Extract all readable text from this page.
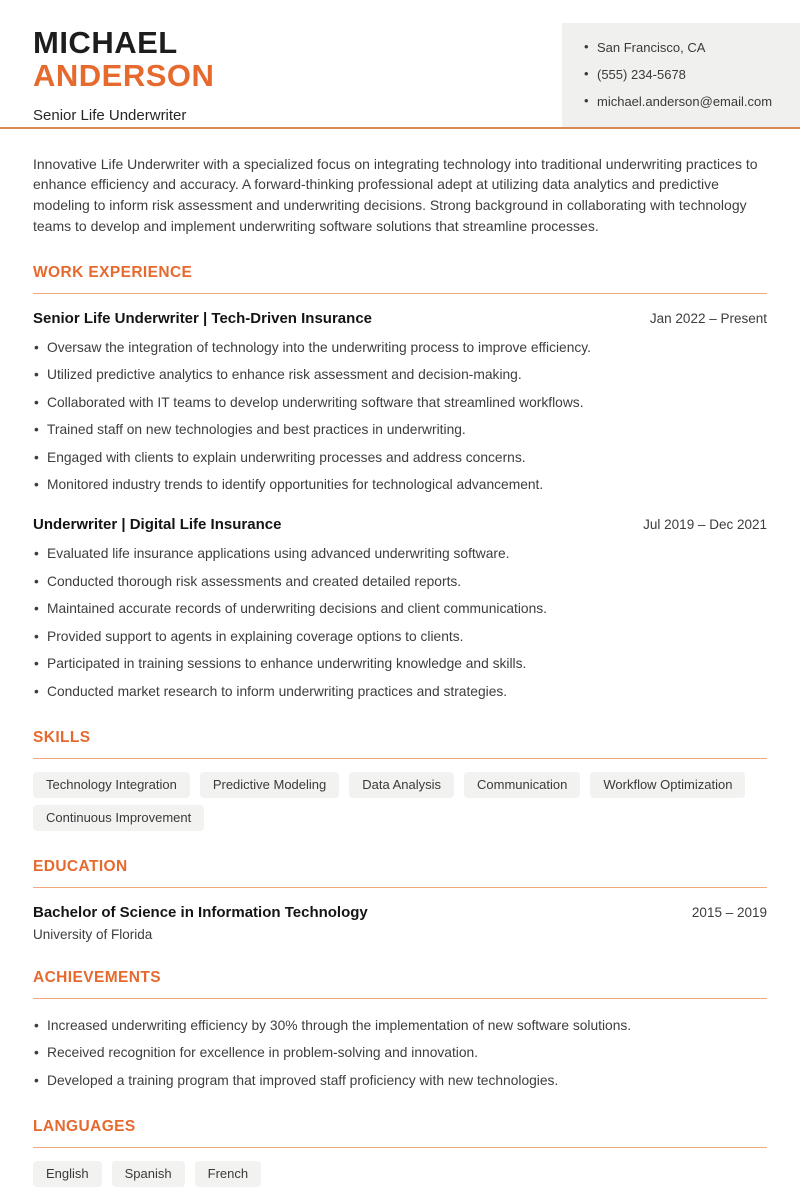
MICHAEL
ANDERSON
Senior Life Underwriter
• San Francisco, CA
• (555) 234-5678
• michael.anderson@email.com

Innovative Life Underwriter with a specialized focus on integrating technology into traditional underwriting practices to enhance efficiency and accuracy. A forward-thinking professional adept at utilizing data analytics and predictive modeling to inform risk assessment and underwriting decisions. Strong background in collaborating with technology teams to develop and implement underwriting software solutions that streamline processes.

WORK EXPERIENCE
Senior Life Underwriter | Tech-Driven Insurance	Jan 2022 – Present
• Oversaw the integration of technology into the underwriting process to improve efficiency.
• Utilized predictive analytics to enhance risk assessment and decision-making.
• Collaborated with IT teams to develop underwriting software that streamlined workflows.
• Trained staff on new technologies and best practices in underwriting.
• Engaged with clients to explain underwriting processes and address concerns.
• Monitored industry trends to identify opportunities for technological advancement.
Underwriter | Digital Life Insurance	Jul 2019 – Dec 2021
• Evaluated life insurance applications using advanced underwriting software.
• Conducted thorough risk assessments and created detailed reports.
• Maintained accurate records of underwriting decisions and client communications.
• Provided support to agents in explaining coverage options to clients.
• Participated in training sessions to enhance underwriting knowledge and skills.
• Conducted market research to inform underwriting practices and strategies.
SKILLS
Technology Integration	Predictive Modeling	Data Analysis	Communication	Workflow Optimization
Continuous Improvement
EDUCATION
Bachelor of Science in Information Technology	2015 – 2019
University of Florida
ACHIEVEMENTS
• Increased underwriting efficiency by 30% through the implementation of new software solutions.
• Received recognition for excellence in problem-solving and innovation.
• Developed a training program that improved staff proficiency with new technologies.
LANGUAGES
English	Spanish	French
